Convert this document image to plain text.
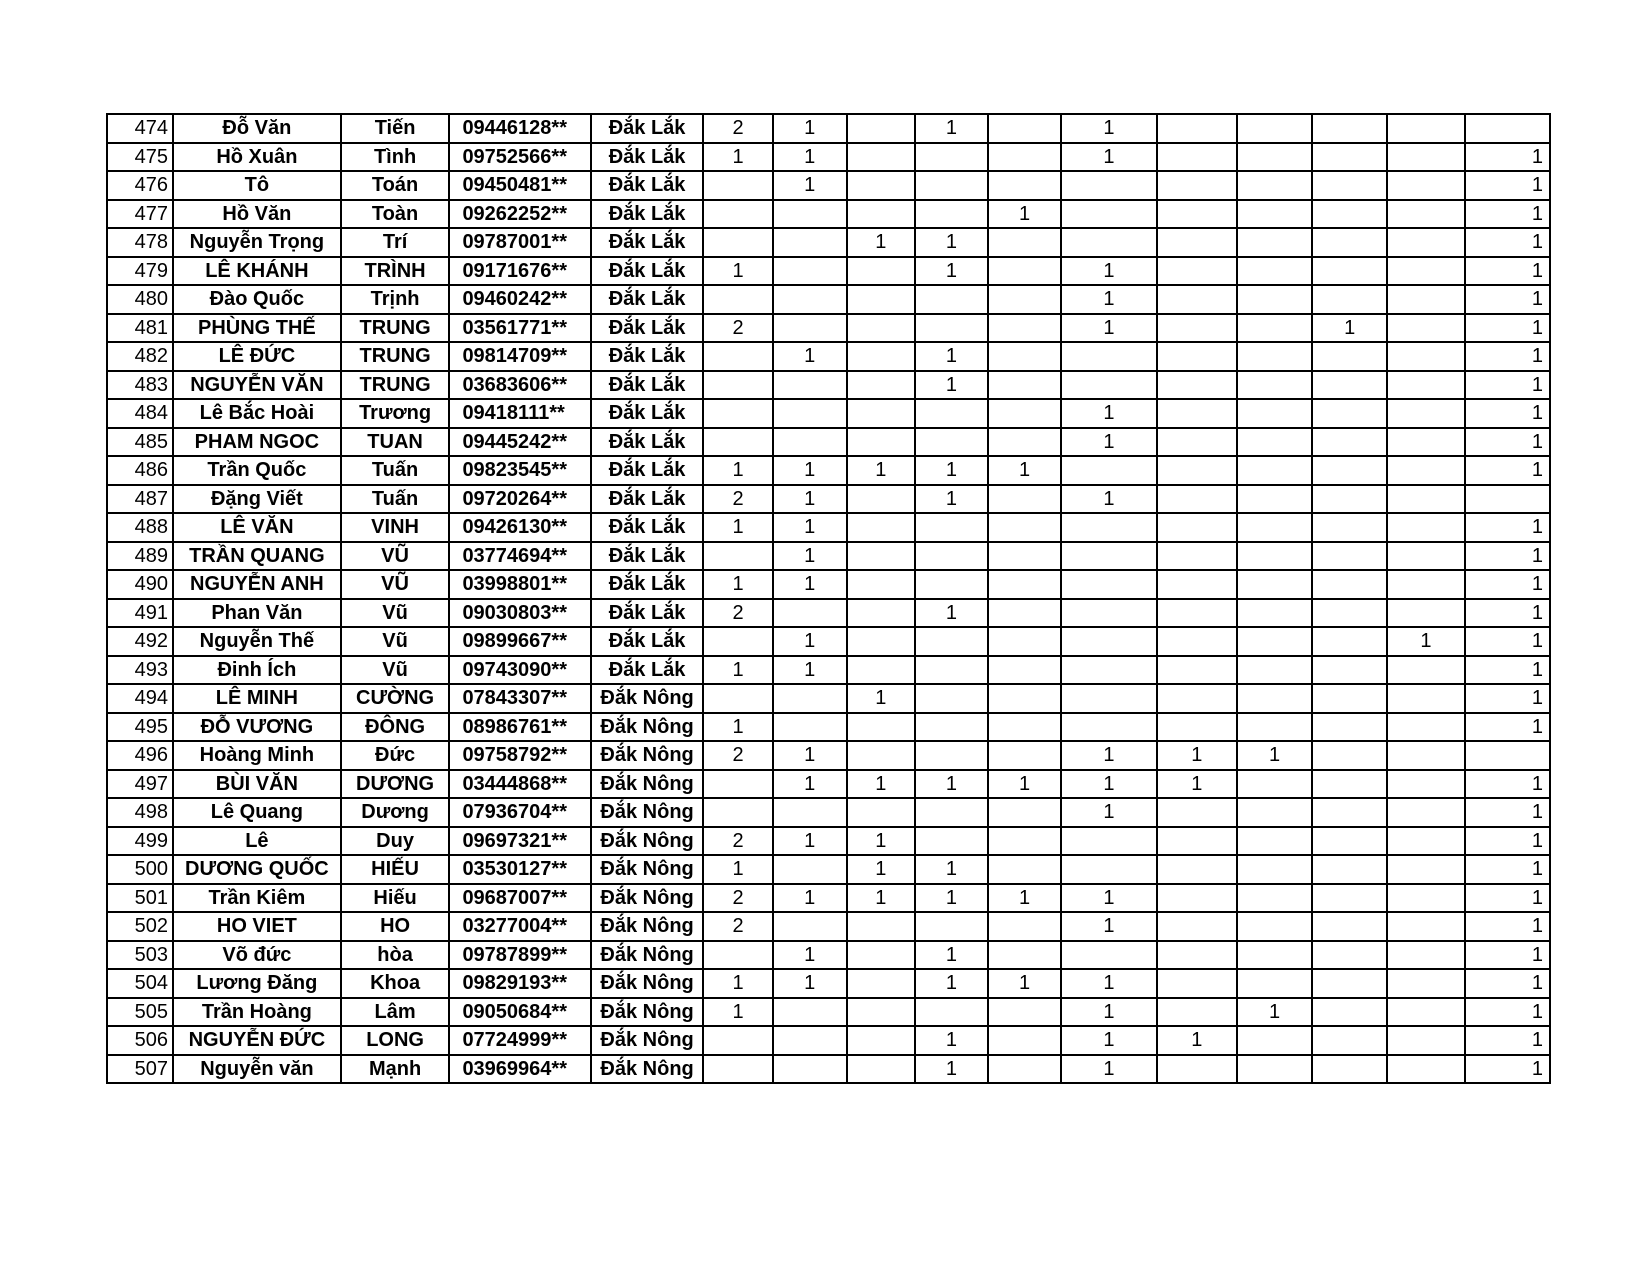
474	Đỗ Văn	Tiến	09446128**	Đắk Lắk	2	1		1		1					
475	Hồ Xuân	Tình	09752566**	Đắk Lắk	1	1				1					1
476	Tô	Toán	09450481**	Đắk Lắk		1									1
477	Hồ Văn	Toàn	09262252**	Đắk Lắk					1						1
478	Nguyễn Trọng	Trí	09787001**	Đắk Lắk			1	1							1
479	LÊ KHÁNH	TRÌNH	09171676**	Đắk Lắk	1			1		1					1
480	Đào Quốc	Trịnh	09460242**	Đắk Lắk						1					1
481	PHÙNG THẾ	TRUNG	03561771**	Đắk Lắk	2					1			1		1
482	LÊ ĐỨC	TRUNG	09814709**	Đắk Lắk		1		1							1
483	NGUYỄN VĂN	TRUNG	03683606**	Đắk Lắk				1							1
484	Lê Bắc Hoài	Trương	09418111**	Đắk Lắk						1					1
485	PHAM NGOC	TUAN	09445242**	Đắk Lắk						1					1
486	Trần Quốc	Tuấn	09823545**	Đắk Lắk	1	1	1	1	1						1
487	Đặng Viết	Tuấn	09720264**	Đắk Lắk	2	1		1		1					
488	LÊ VĂN	VINH	09426130**	Đắk Lắk	1	1									1
489	TRẦN QUANG	VŨ	03774694**	Đắk Lắk		1									1
490	NGUYỄN ANH	VŨ	03998801**	Đắk Lắk	1	1									1
491	Phan Văn	Vũ	09030803**	Đắk Lắk	2			1							1
492	Nguyễn Thế	Vũ	09899667**	Đắk Lắk		1								1	1
493	Đinh Ích	Vũ	09743090**	Đắk Lắk	1	1									1
494	LÊ MINH	CƯỜNG	07843307**	Đắk Nông			1								1
495	ĐỖ VƯƠNG	ĐÔNG	08986761**	Đắk Nông	1										1
496	Hoàng Minh	Đức	09758792**	Đắk Nông	2	1				1	1	1			
497	BÙI VĂN	DƯƠNG	03444868**	Đắk Nông		1	1	1	1	1	1				1
498	Lê Quang	Dương	07936704**	Đắk Nông						1					1
499	Lê	Duy	09697321**	Đắk Nông	2	1	1								1
500	DƯƠNG QUỐC	HIẾU	03530127**	Đắk Nông	1		1	1							1
501	Trần Kiêm	Hiếu	09687007**	Đắk Nông	2	1	1	1	1	1					1
502	HO VIET	HO	03277004**	Đắk Nông	2					1					1
503	Võ đức	hòa	09787899**	Đắk Nông		1		1							1
504	Lương Đăng	Khoa	09829193**	Đắk Nông	1	1		1	1	1					1
505	Trần Hoàng	Lâm	09050684**	Đắk Nông	1					1		1			1
506	NGUYỄN ĐỨC	LONG	07724999**	Đắk Nông				1		1	1				1
507	Nguyễn văn	Mạnh	03969964**	Đắk Nông				1		1					1
